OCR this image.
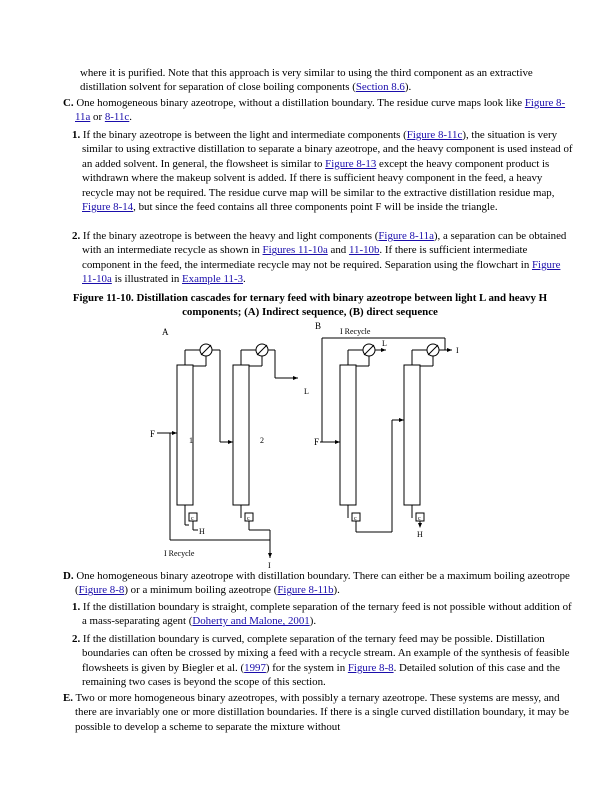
where it is purified. Note that this approach is very similar to using the third component as an extractive distillation solvent for separation of close boiling components (Section 8.6).

C. One homogeneous binary azeotrope, without a distillation boundary. The residue curve maps look like Figure 8-11a or 8-11c.

1. If the binary azeotrope is between the light and intermediate components (Figure 8-11c), the situation is very similar to using extractive distillation to separate a binary azeotrope, and the heavy component is used instead of an added solvent. In general, the flowsheet is similar to Figure 8-13 except the heavy component product is withdrawn where the makeup solvent is added. If there is sufficient heavy component in the feed, a heavy recycle may not be required. The residue curve map will be similar to the extractive distillation residue map, Figure 8-14, but since the feed contains all three components point F will be inside the triangle.

2. If the binary azeotrope is between the heavy and light components (Figure 8-11a), a separation can be obtained with an intermediate recycle as shown in Figures 11-10a and 11-10b. If there is sufficient intermediate component in the feed, the intermediate recycle may not be required. Separation using the flowchart in Figure 11-10a is illustrated in Example 11-3.

Figure 11-10. Distillation cascades for ternary feed with binary azeotrope between light L and heavy H components; (A) Indirect sequence, (B) direct sequence
A
1
F
c
H
2
L
c
I
I Recycle
B
F
L
c
I
I Recycle
c
H

D. One homogeneous binary azeotrope with distillation boundary. There can either be a maximum boiling azeotrope (Figure 8-8) or a minimum boiling azeotrope (Figure 8-11b).

1. If the distillation boundary is straight, complete separation of the ternary feed is not possible without addition of a mass-separating agent (Doherty and Malone, 2001).

2. If the distillation boundary is curved, complete separation of the ternary feed may be possible. Distillation boundaries can often be crossed by mixing a feed with a recycle stream. An example of the synthesis of feasible flowsheets is given by Biegler et al. (1997) for the system in Figure 8-8. Detailed solution of this case and the remaining two cases is beyond the scope of this section.

E. Two or more homogeneous binary azeotropes, with possibly a ternary azeotrope. These systems are messy, and there are invariably one or more distillation boundaries. If there is a single curved distillation boundary, it may be possible to develop a scheme to separate the mixture without
